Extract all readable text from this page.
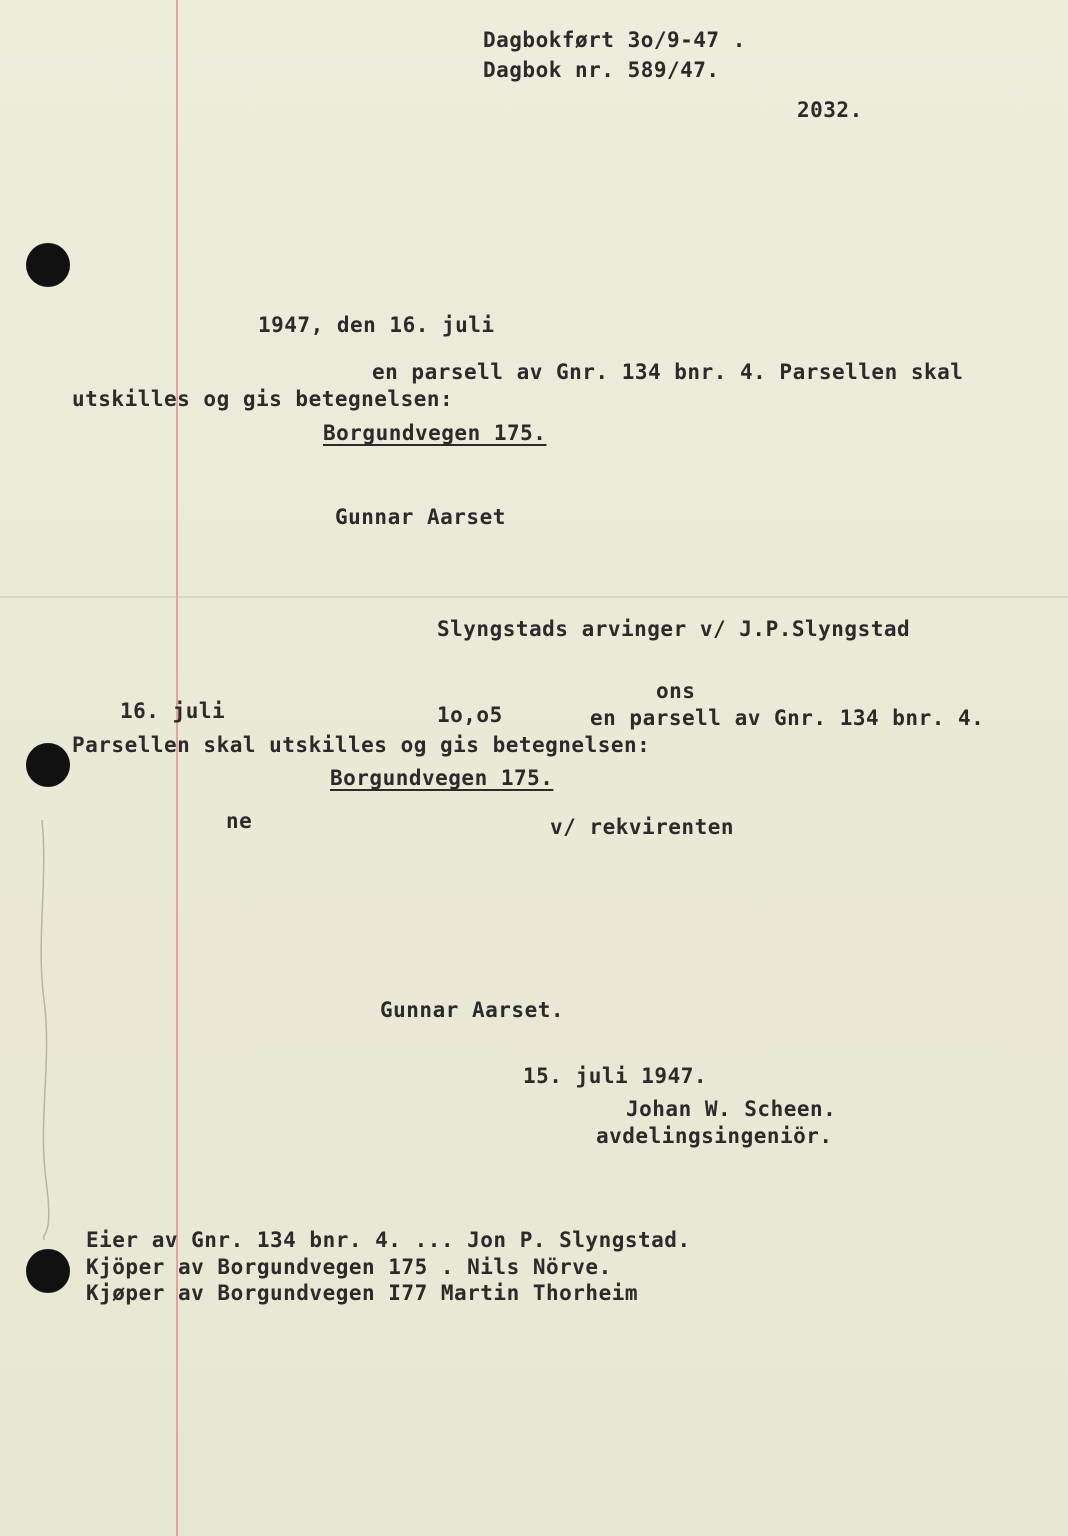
Dagbokført 3o/9-47 .
Dagbok nr. 589/47.
2032.
1947, den 16. juli
en parsell av Gnr. 134 bnr. 4. Parsellen skal
utskilles og gis betegnelsen:
Borgundvegen 175.
Gunnar Aarset
Slyngstads arvinger v/ J.P.Slyngstad
ons
16. juli	1o,o5	en parsell av Gnr. 134 bnr. 4.
Parsellen skal utskilles og gis betegnelsen:
Borgundvegen 175.
ne	v/ rekvirenten
Gunnar Aarset.
15. juli 1947.
Johan W. Scheen.
avdelingsingeniör.
Eier av Gnr. 134 bnr. 4. ... Jon P. Slyngstad.
Kjöper av Borgundvegen 175 . Nils Nörve.
Kjøper av Borgundvegen I77 Martin Thorheim
